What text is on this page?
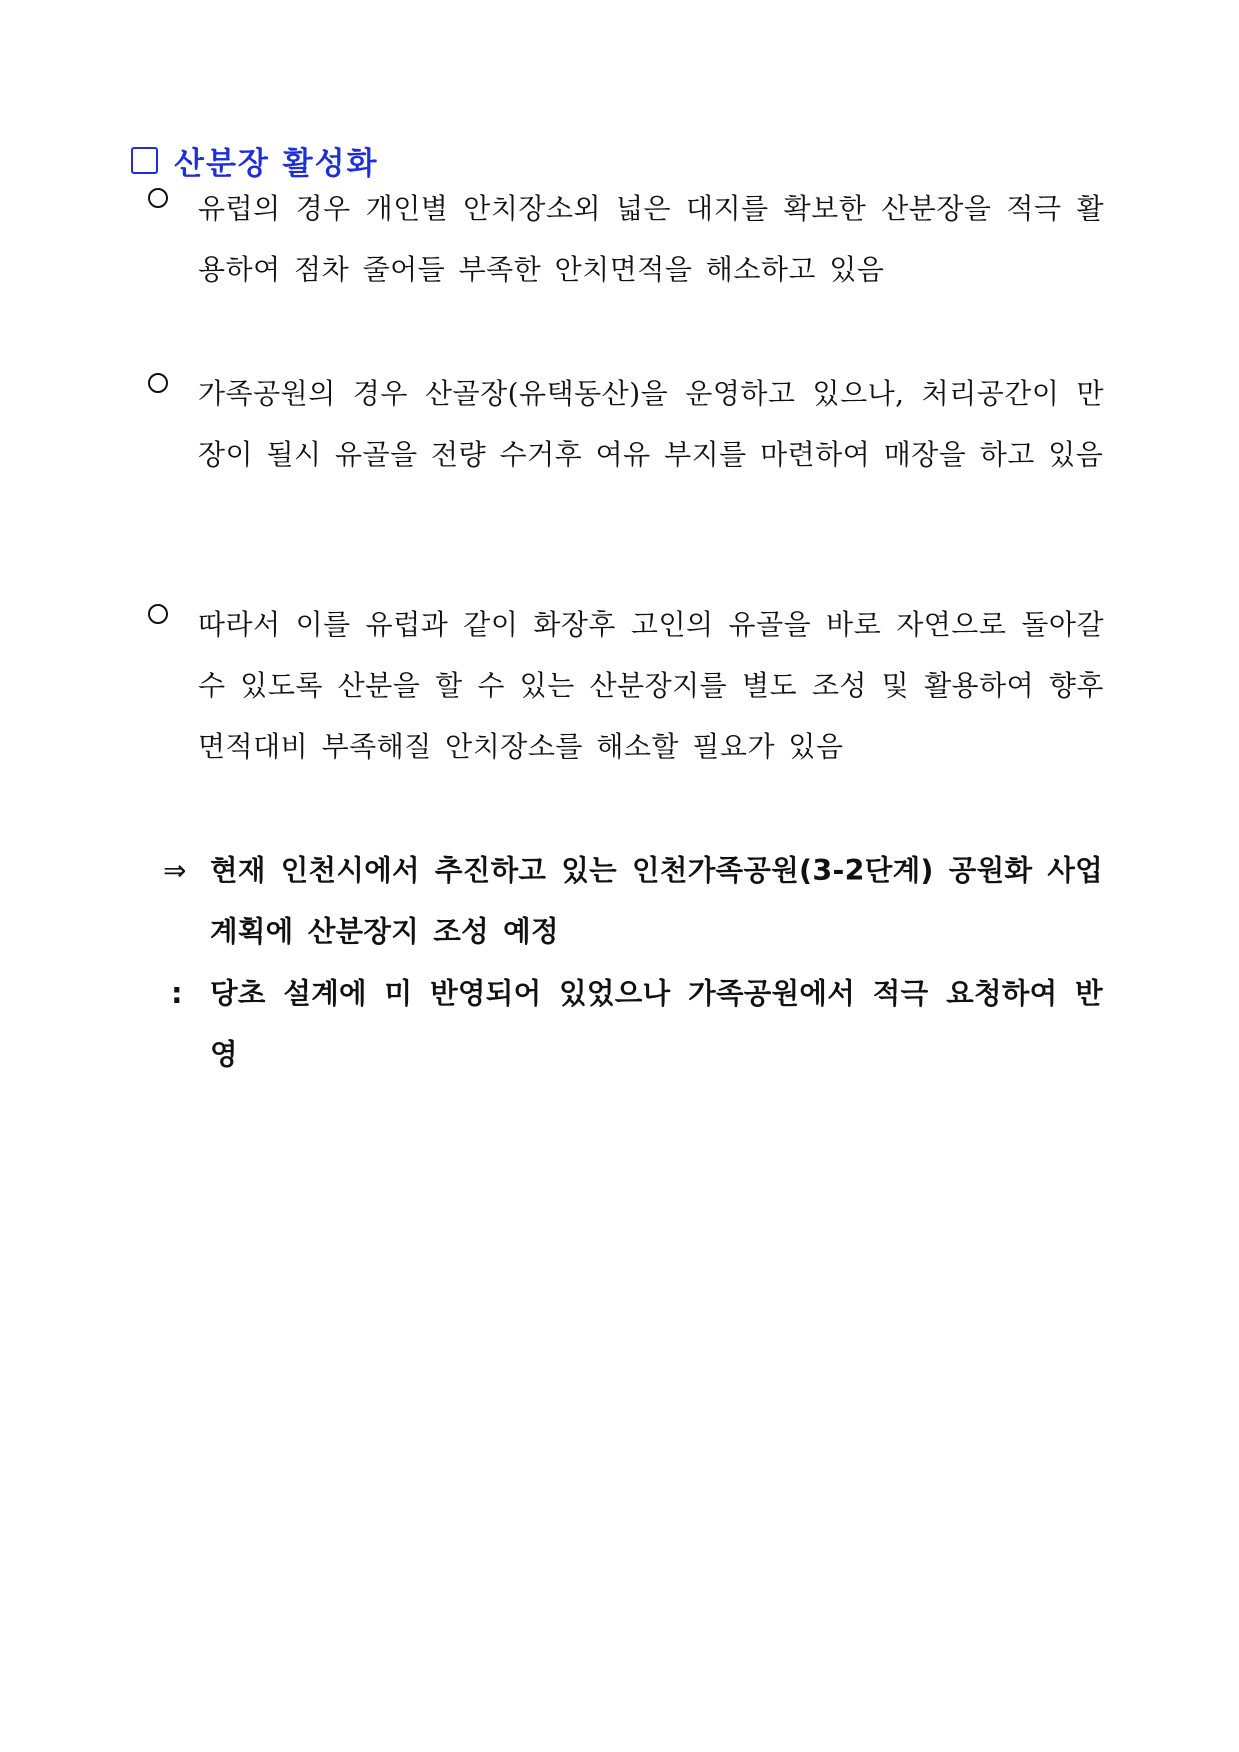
산분장 활성화
유럽의 경우 개인별 안치장소외 넓은 대지를 확보한 산분장을 적극 활용하여 점차 줄어들 부족한 안치면적을 해소하고 있음
가족공원의 경우 산골장(유택동산)을 운영하고 있으나, 처리공간이 만장이 될시 유골을 전량 수거후 여유 부지를 마련하여 매장을 하고 있음
따라서 이를 유럽과 같이 화장후 고인의 유골을 바로 자연으로 돌아갈 수 있도록 산분을 할 수 있는 산분장지를 별도 조성 및 활용하여 향후 면적대비 부족해질 안치장소를 해소할 필요가 있음
⇒ 현재 인천시에서 추진하고 있는 인천가족공원(3-2단계) 공원화 사업 계획에 산분장지 조성 예정
: 당초 설계에 미 반영되어 있었으나 가족공원에서 적극 요청하여 반영
